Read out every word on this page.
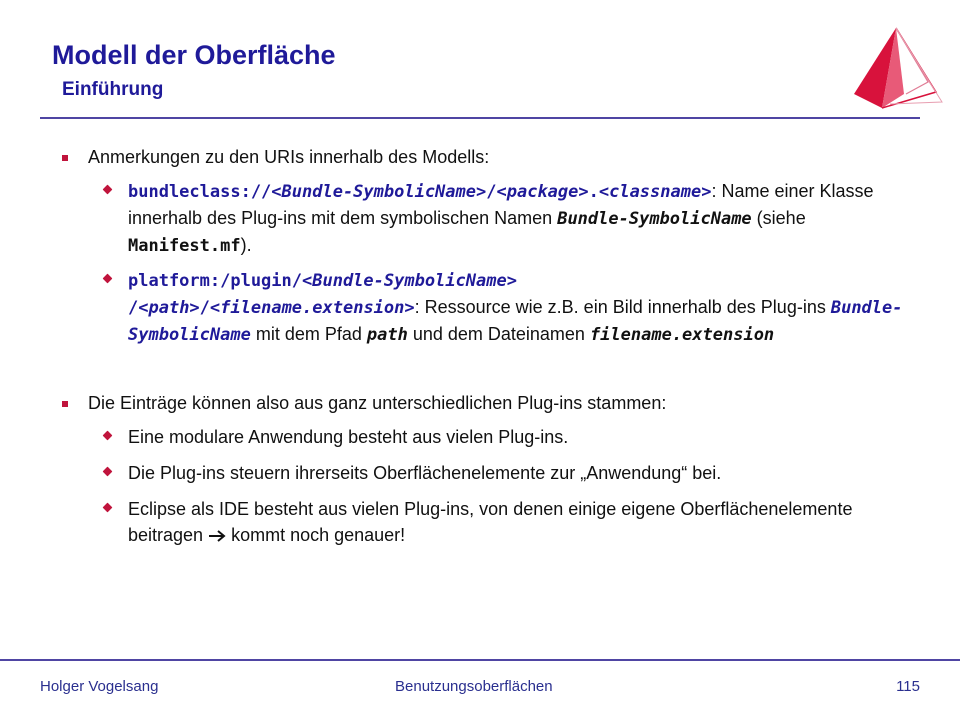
Modell der Oberfläche
Einführung
Anmerkungen zu den URIs innerhalb des Modells:
bundleclass://<Bundle-SymbolicName>/<package>.<classname>: Name einer Klasse innerhalb des Plug-ins mit dem symbolischen Namen Bundle-SymbolicName (siehe Manifest.mf).
platform:/plugin/<Bundle-SymbolicName>
/<path>/<filename.extension>: Ressource wie z.B. ein Bild innerhalb des Plug-ins Bundle-SymbolicName mit dem Pfad path und dem Dateinamen filename.extension
Die Einträge können also aus ganz unterschiedlichen Plug-ins stammen:
Eine modulare Anwendung besteht aus vielen Plug-ins.
Die Plug-ins steuern ihrerseits Oberflächenelemente zur „Anwendung“ bei.
Eclipse als IDE besteht aus vielen Plug-ins, von denen einige eigene Oberflächenelemente beitragen  kommt noch genauer!
Holger Vogelsang	Benutzungsoberflächen	115
